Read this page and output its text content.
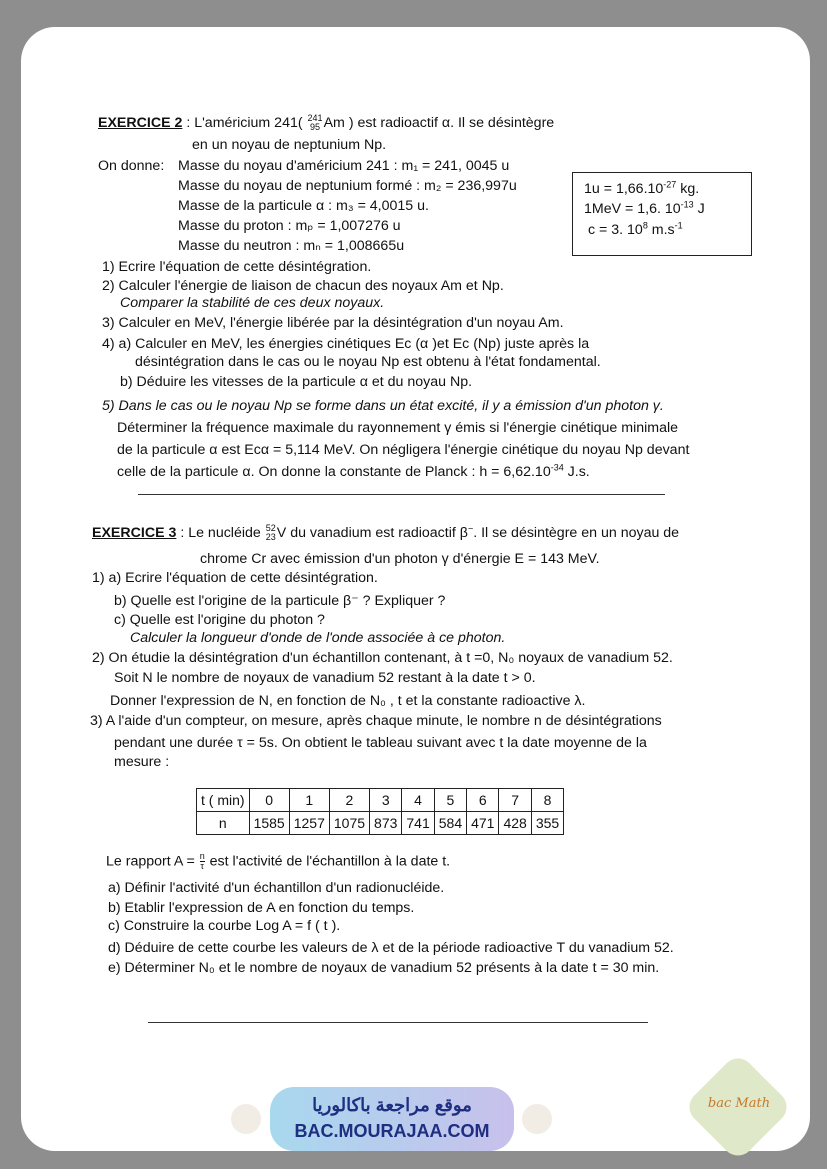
EXERCICE 2 : L'américium 241( 241
95 Am ) est radioactif α. Il se désintègre
en un noyau de neptunium Np.
On donne: Masse du noyau d'américium 241 : m₁ = 241, 0045 u
Masse du noyau de neptunium formé : m₂ = 236,997u
Masse de la particule α : m₃ = 4,0015 u.
Masse du proton : mₚ = 1,007276 u
Masse du neutron : mₙ = 1,008665u
$1u = 1,66.10^{-27}$ kg.
1MeV = 1,6. $10^{-13}$ J
c = 3. $10^8$ $m.s^{-1}$
1) Ecrire l'équation de cette désintégration.
2) Calculer l'énergie de liaison de chacun des noyaux Am et Np.
Comparer la stabilité de ces deux noyaux.
3) Calculer en MeV, l'énergie libérée par la désintégration d'un noyau Am.
4) a) Calculer en MeV, les énergies cinétiques Eᴄ (α )et Eᴄ (Np) juste après la
désintégration dans le cas ou le noyau Np est obtenu à l'état fondamental.
b) Déduire les vitesses de la particule α et du noyau Np.
5) Dans le cas ou le noyau Np se forme dans un état excité, il y a émission d'un photon γ.
Déterminer la fréquence maximale du rayonnement γ émis si l'énergie cinétique minimale
de la particule α est Eᴄα = 5,114 MeV. On négligera l'énergie cinétique du noyau Np devant
celle de la particule α. On donne la constante de Planck : $h = 6,62.10^{-34}$ J.s.
EXERCICE 3 : Le nucléide 52
23 V du vanadium est radioactif β−. Il se désintègre en un noyau de
chrome Cr avec émission d'un photon γ d'énergie E = 143 MeV.
1) a) Ecrire l'équation de cette désintégration.
b) Quelle est l'origine de la particule β⁻ ? Expliquer ?
c) Quelle est l'origine du photon ?
Calculer la longueur d'onde de l'onde associée à ce photon.
2) On étudie la désintégration d'un échantillon contenant, à t =0, N₀ noyaux de vanadium 52.
Soit N le nombre de noyaux de vanadium 52 restant à la date t > 0.
Donner l'expression de N, en fonction de N₀ , t et la constante radioactive λ.
3) A l'aide d'un compteur, on mesure, après chaque minute, le nombre n de désintégrations
pendant une durée τ = 5s. On obtient le tableau suivant avec t la date moyenne de la
mesure :
t ( min)	0	1	2	3	4	5	6	7	8
n	1585	1257	1075	873	741	584	471	428	355
Le rapport $A = \frac{n}{\tau}$ est l'activité de l'échantillon à la date t.
a) Définir l'activité d'un échantillon d'un radionucléide.
b) Etablir l'expression de A en fonction du temps.
c) Construire la courbe Log A = f ( t ).
d) Déduire de cette courbe les valeurs de λ et de la période radioactive T du vanadium 52.
e) Déterminer N₀ et le nombre de noyaux de vanadium 52 présents à la date t = 30 min.
موقع مراجعة باكالوريا
BAC.MOURAJAA.COM
bac Math
